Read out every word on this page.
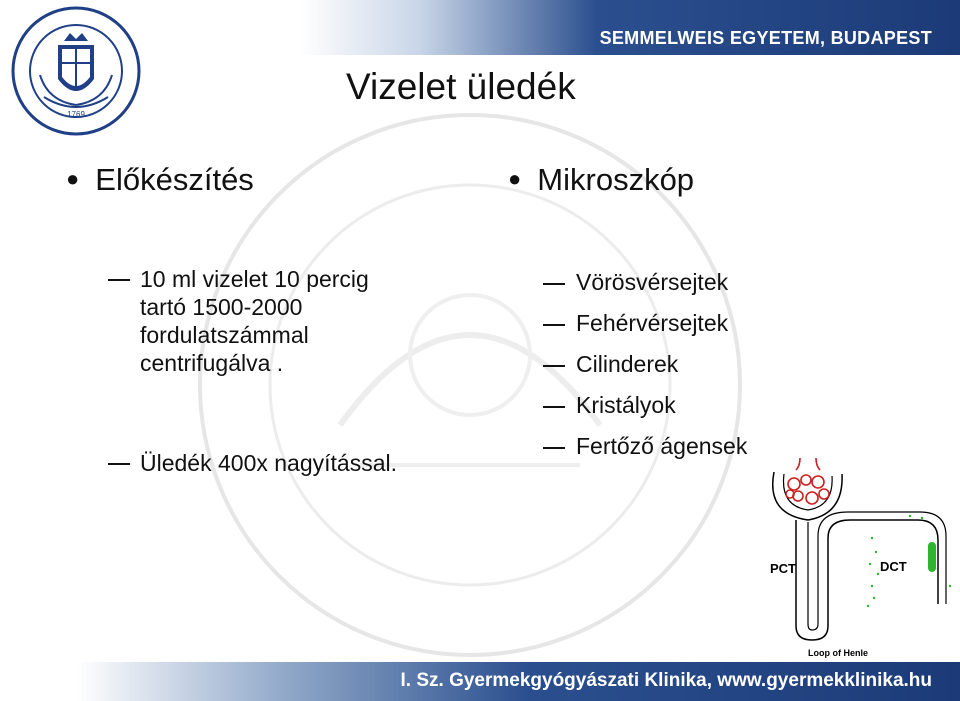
SEMMELWEIS EGYETEM, BUDAPEST
1769
Vizelet üledék
● Előkészítés
10 ml vizelet 10 percig
tartó 1500-2000
fordulatszámmal
centrifugálva .
Üledék 400x nagyítással.
● Mikroszkóp
Vörösvérsejtek
Fehérvérsejtek
Cilinderek
Kristályok
Fertőző ágensek
PCT	DCT
Loop of Henle
I. Sz. Gyermekgyógyászati Klinika, www.gyermekklinika.hu
